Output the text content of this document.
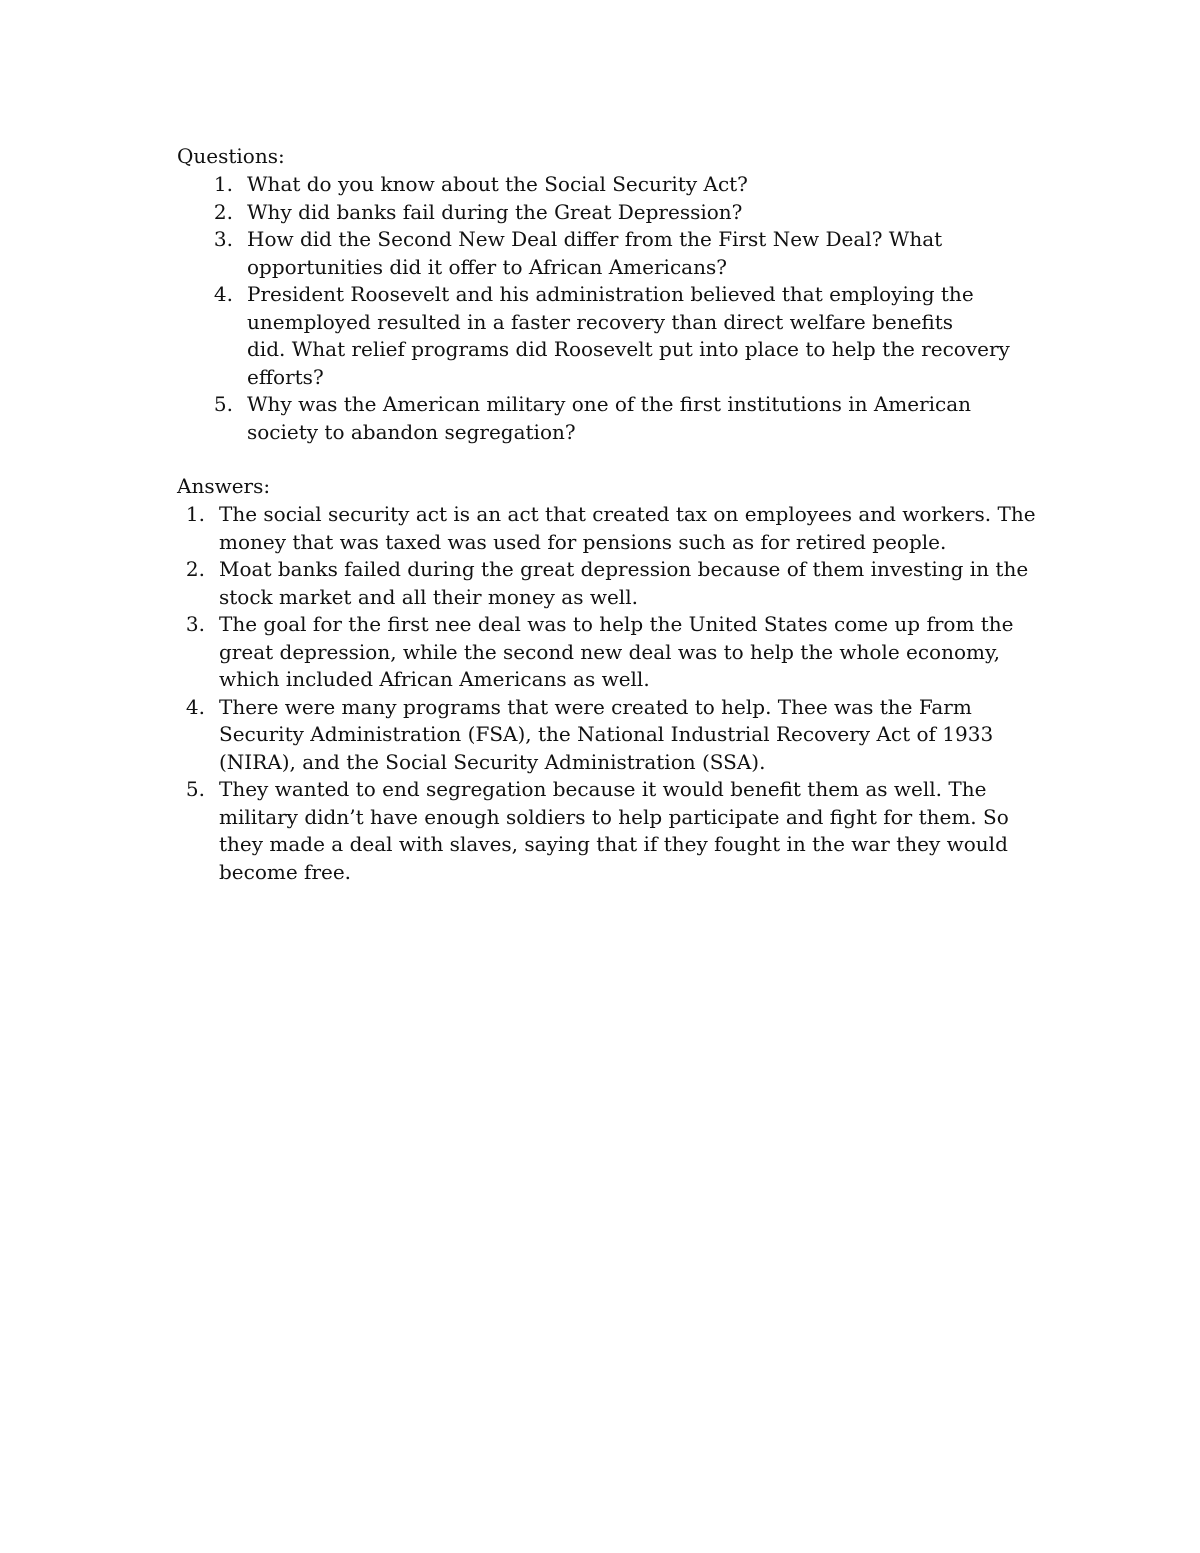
Questions:

1. What do you know about the Social Security Act?
2. Why did banks fail during the Great Depression?
3. How did the Second New Deal differ from the First New Deal? What
opportunities did it offer to African Americans?
4. President Roosevelt and his administration believed that employing the
unemployed resulted in a faster recovery than direct welfare benefits
did. What relief programs did Roosevelt put into place to help the recovery
efforts?
5. Why was the American military one of the first institutions in American
society to abandon segregation?

Answers:

1. The social security act is an act that created tax on employees and workers. The
money that was taxed was used for pensions such as for retired people.
2. Moat banks failed during the great depression because of them investing in the
stock market and all their money as well.
3. The goal for the first nee deal was to help the United States come up from the
great depression, while the second new deal was to help the whole economy,
which included African Americans as well.
4. There were many programs that were created to help. Thee was the Farm
Security Administration (FSA), the National Industrial Recovery Act of 1933
(NIRA), and the Social Security Administration (SSA).
5. They wanted to end segregation because it would benefit them as well. The
military didn’t have enough soldiers to help participate and fight for them. So
they made a deal with slaves, saying that if they fought in the war they would
become free.
